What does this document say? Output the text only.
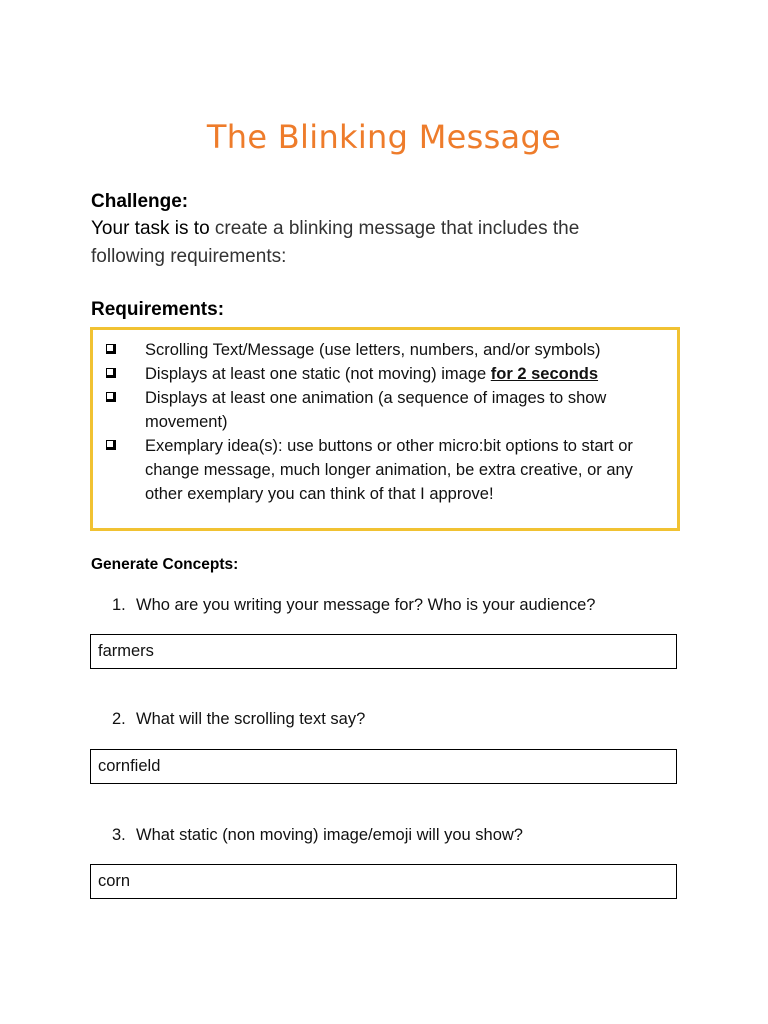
The Blinking Message
Challenge:
Your task is to create a blinking message that includes the following requirements:
Requirements:
Scrolling Text/Message (use letters, numbers, and/or symbols)
Displays at least one static (not moving) image for 2 seconds
Displays at least one animation (a sequence of images to show movement)
Exemplary idea(s): use buttons or other micro:bit options to start or change message, much longer animation, be extra creative, or any other exemplary you can think of that I approve!
Generate Concepts:
1. Who are you writing your message for? Who is your audience?
farmers
2. What will the scrolling text say?
cornfield
3. What static (non moving) image/emoji will you show?
corn
